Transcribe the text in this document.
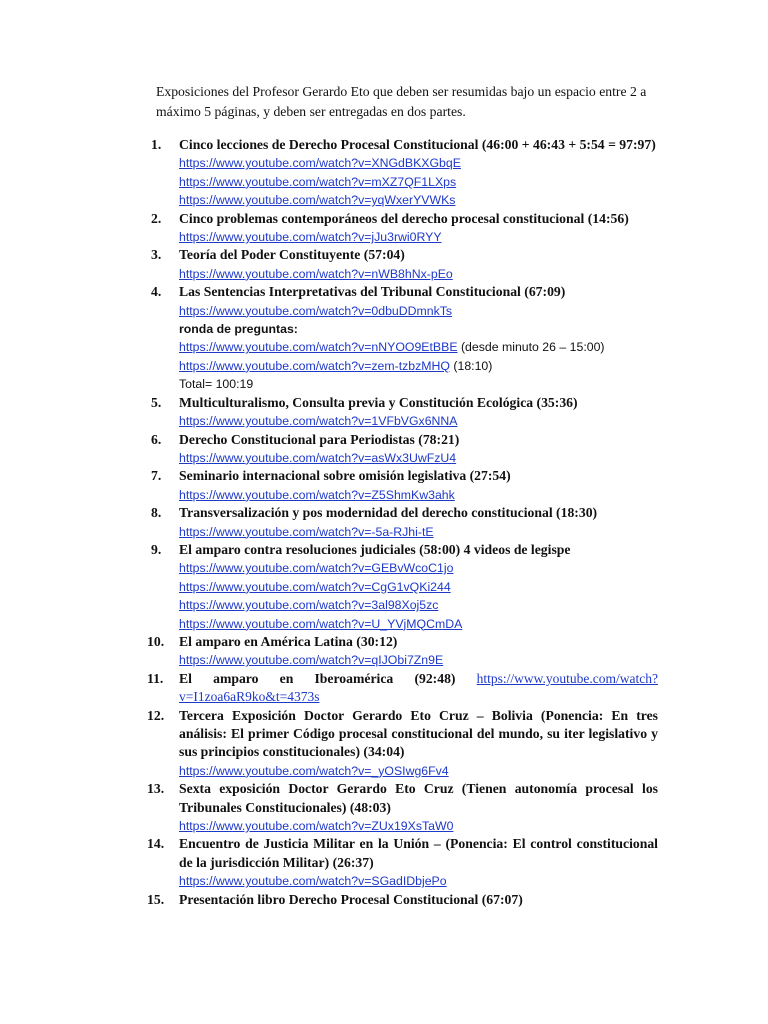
Exposiciones del Profesor Gerardo Eto que deben ser resumidas bajo un espacio entre 2 a máximo 5 páginas, y deben ser entregadas en dos partes.
1.	Cinco lecciones de Derecho Procesal Constitucional (46:00 + 46:43 + 5:54 = 97:97)
https://www.youtube.com/watch?v=XNGdBKXGbqE
https://www.youtube.com/watch?v=mXZ7QF1LXps
https://www.youtube.com/watch?v=yqWxerYVWKs
2.	Cinco problemas contemporáneos del derecho procesal constitucional (14:56)
https://www.youtube.com/watch?v=jJu3rwi0RYY
3.	Teoría del Poder Constituyente (57:04)
https://www.youtube.com/watch?v=nWB8hNx-pEo
4.	Las Sentencias Interpretativas del Tribunal Constitucional (67:09)
https://www.youtube.com/watch?v=0dbuDDmnkTs
ronda de preguntas:
https://www.youtube.com/watch?v=nNYOO9EtBBE (desde minuto 26 – 15:00)
https://www.youtube.com/watch?v=zem-tzbzMHQ (18:10)
Total= 100:19
5.	Multiculturalismo, Consulta previa y Constitución Ecológica (35:36)
https://www.youtube.com/watch?v=1VFbVGx6NNA
6.	Derecho Constitucional para Periodistas (78:21)
https://www.youtube.com/watch?v=asWx3UwFzU4
7.	Seminario internacional sobre omisión legislativa (27:54)
https://www.youtube.com/watch?v=Z5ShmKw3ahk
8.	Transversalización y pos modernidad del derecho constitucional (18:30)
https://www.youtube.com/watch?v=-5a-RJhi-tE
9.	El amparo contra resoluciones judiciales (58:00) 4 videos de legispe
https://www.youtube.com/watch?v=GEBvWcoC1jo
https://www.youtube.com/watch?v=CgG1vQKi244
https://www.youtube.com/watch?v=3al98Xoj5zc
https://www.youtube.com/watch?v=U_YVjMQCmDA
10.	El amparo en América Latina (30:12)
https://www.youtube.com/watch?v=qIJObi7Zn9E
11.	El amparo en Iberoamérica (92:48) https://www.youtube.com/watch?
v=I1zoa6aR9ko&t=4373s
12.	Tercera Exposición Doctor Gerardo Eto Cruz – Bolivia (Ponencia: En tres análisis: El primer Código procesal constitucional del mundo, su iter legislativo y sus principios constitucionales) (34:04)
https://www.youtube.com/watch?v=_yOSIwg6Fv4
13.	Sexta exposición Doctor Gerardo Eto Cruz (Tienen autonomía procesal los Tribunales Constitucionales) (48:03)
https://www.youtube.com/watch?v=ZUx19XsTaW0
14.	Encuentro de Justicia Militar en la Unión – (Ponencia: El control constitucional de la jurisdicción Militar) (26:37)
https://www.youtube.com/watch?v=SGadIDbjePo
15.	Presentación libro Derecho Procesal Constitucional (67:07)
